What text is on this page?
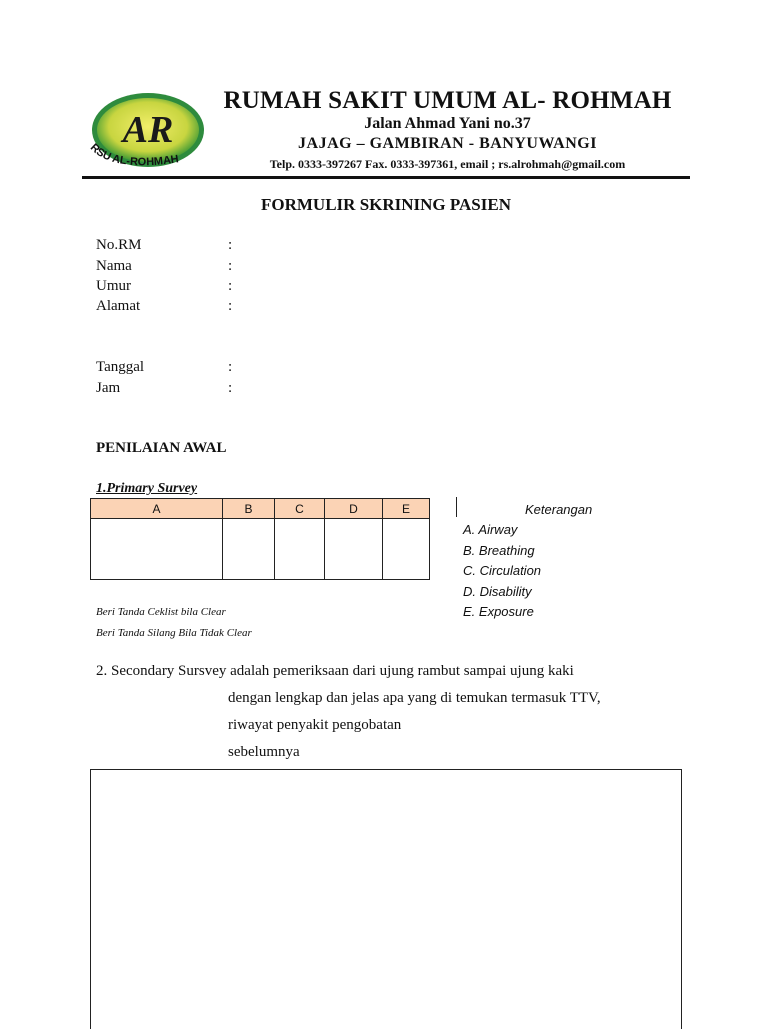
AR
RSU AL-ROHMAH
RUMAH SAKIT UMUM AL- ROHMAH
Jalan Ahmad Yani no.37
JAJAG – GAMBIRAN - BANYUWANGI
Telp. 0333-397267 Fax. 0333-397361, email ; rs.alrohmah@gmail.com
FORMULIR SKRINING PASIEN
No.RM	:
Nama	:
Umur	:
Alamat	:
Tanggal	:
Jam	:
PENILAIAN AWAL
1.Primary Survey
A	B	C	D	E

Beri Tanda Ceklist bila Clear
Beri Tanda Silang Bila Tidak Clear
Keterangan
A. Airway
B. Breathing
C. Circulation
D. Disability
E. Exposure
2. Secondary Sursvey adalah pemeriksaan dari ujung rambut sampai ujung kaki
dengan lengkap dan jelas apa yang di temukan termasuk TTV,
riwayat penyakit pengobatan
sebelumnya
